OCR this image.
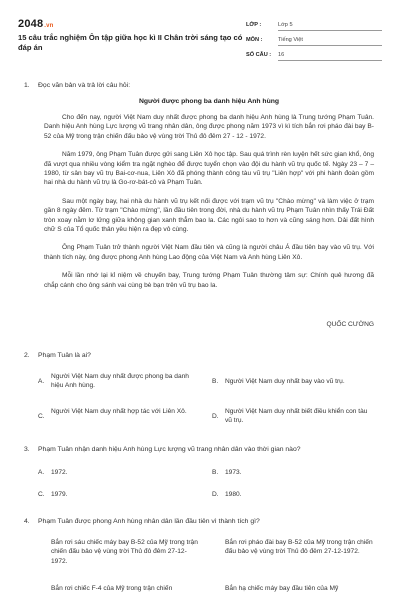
2048.vn
15 câu trắc nghiệm Ôn tập giữa học kì II Chân trời sáng tạo có đáp án
LỚP :	Lớp 5
MÔN :	Tiếng Việt
SỐ CÂU : 16
1. Đọc văn bản và trả lời câu hỏi:
Người được phong ba danh hiệu Anh hùng

Cho đến nay, người Việt Nam duy nhất được phong ba danh hiệu Anh hùng là Trung tướng Phạm Tuân. Danh hiệu Anh hùng Lực lượng vũ trang nhân dân, ông được phong năm 1973 vì kì tích bắn rơi pháo đài bay B-52 của Mỹ trong trận chiến đấu bảo vệ vùng trời Thủ đô đêm 27 - 12 - 1972.

Năm 1979, ông Phạm Tuân được gửi sang Liên Xô học tập. Sau quá trình rèn luyện hết sức gian khổ, ông đã vượt qua nhiều vòng kiểm tra ngặt nghèo để được tuyển chọn vào đội du hành vũ trụ quốc tế. Ngày 23 – 7 – 1980, từ sân bay vũ trụ Bai-cơ-nua, Liên Xô đã phóng thành công tàu vũ trụ "Liên hợp" với phi hành đoàn gồm hai nhà du hành vũ trụ là Go-rơ-bát-cô và Phạm Tuân.

Sau một ngày bay, hai nhà du hành vũ trụ kết nối được với trạm vũ trụ "Chào mừng" và làm việc ở trạm gần 8 ngày đêm. Từ trạm "Chào mừng", lần đầu tiên trong đời, nhà du hành vũ trụ Phạm Tuân nhìn thấy Trái Đất tròn xoay nằm lơ lửng giữa không gian xanh thẳm bao la. Các ngôi sao to hơn và cũng sáng hơn. Dải đất hình chữ S của Tổ quốc thân yêu hiện ra đẹp vô cùng.

Ông Phạm Tuân trở thành người Việt Nam đầu tiên và cũng là người châu Á đầu tiên bay vào vũ trụ. Với thành tích này, ông được phong Anh hùng Lao động của Việt Nam và Anh hùng Liên Xô.

Mỗi lần nhớ lại kỉ niệm về chuyến bay, Trung tướng Phạm Tuân thường tâm sự: Chính quê hương đã chắp cánh cho ông sánh vai cùng bè bạn trên vũ trụ bao la.

QUỐC CƯỜNG
2. Phạm Tuân là ai?
A.
Người Việt Nam duy nhất được phong ba danh hiệu Anh hùng.
B. Người Việt Nam duy nhất bay vào vũ trụ.
C.
Người Việt Nam duy nhất hợp tác với Liên Xô.
D.
Người Việt Nam duy nhất biết điều khiển con tàu vũ trụ.
3. Phạm Tuân nhận danh hiệu Anh hùng Lực lượng vũ trang nhân dân vào thời gian nào?
A. 1972.	B. 1973.
C. 1979.	D. 1980.
4. Phạm Tuân được phong Anh hùng nhân dân lần đầu tiên vì thành tích gì?
Bắn rơi sáu chiếc máy bay B-52 của Mỹ trong trận chiến đấu bảo vệ vùng trời Thủ đô đêm 27-12-1972.
Bắn rơi pháo đài bay B-52 của Mỹ trong trận chiến đấu bảo vệ vùng trời Thủ đô đêm 27-12-1972.
Bắn rơi chiếc F-4 của Mỹ trong trận chiến	Bắn hạ chiếc máy bay đầu tiên của Mỹ
